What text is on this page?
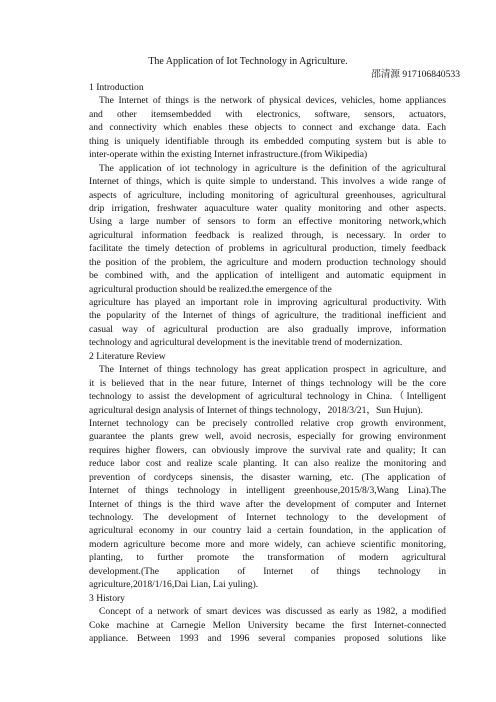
The Application of Iot Technology in Agriculture.
邵清源 917106840533
1 Introduction
The Internet of things is the network of physical devices, vehicles, home appliances
and other itemsembedded with electronics, software, sensors, actuators,
and connectivity which enables these objects to connect and exchange data. Each
thing is uniquely identifiable through its embedded computing system but is able to
inter-operate within the existing Internet infrastructure.(from Wikipedia)
The application of iot technology in agriculture is the definition of the agricultural
Internet of things, which is quite simple to understand. This involves a wide range of
aspects of agriculture, including monitoring of agricultural greenhouses, agricultural
drip irrigation, freshwater aquaculture water quality monitoring and other aspects.
Using a large number of sensors to form an effective monitoring network,which
agricultural information feedback is realized through, is necessary. In order to
facilitate the timely detection of problems in agricultural production, timely feedback
the position of the problem, the agriculture and modern production technology should
be combined with, and the application of intelligent and automatic equipment in
agricultural production should be realized.the emergence of the
agriculture has played an important role in improving agricultural productivity. With
the popularity of the Internet of things of agriculture, the traditional inefficient and
casual way of agricultural production are also gradually improve, information
technology and agricultural development is the inevitable trend of modernization.
2 Literature Review
The Internet of things technology has great application prospect in agriculture, and
it is believed that in the near future, Internet of things technology will be the core
technology to assist the development of agricultural technology in China.（Intelligent
agricultural design analysis of Internet of things technology，2018/3/21，Sun Hujun).
Internet technology can be precisely controlled relative crop growth environment,
guarantee the plants grew well, avoid necrosis, especially for growing environment
requires higher flowers, can obviously improve the survival rate and quality; It can
reduce labor cost and realize scale planting. It can also realize the monitoring and
prevention of cordyceps sinensis, the disaster warning, etc. (The application of
Internet of things technology in intelligent greenhouse,2015/8/3,Wang Lina).The
Internet of things is the third wave after the development of computer and Internet
technology. The development of Internet technology to the development of
agricultural economy in our country laid a certain foundation, in the application of
modern agriculture become more and more widely, can achieve scientific monitoring,
planting, to further promote the transformation of modern agricultural
development.(The application of Internet of things technology in
agriculture,2018/1/16,Dai Lian, Lai yuling).
3 History
Concept of a network of smart devices was discussed as early as 1982, a modified
Coke machine at Carnegie Mellon University became the first Internet-connected
appliance. Between 1993 and 1996 several companies proposed solutions like
